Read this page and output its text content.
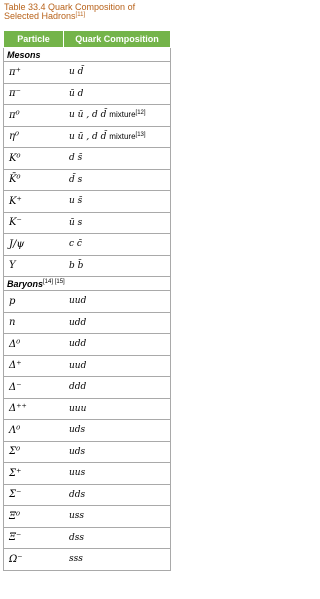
Table 33.4 Quark Composition of Selected Hadrons[11]
Particle	Quark Composition
Mesons	
π⁺	u d̄
π⁻	ū d
π⁰	u ū , d d̄ mixture[12]
η⁰	u ū , d d̄ mixture[13]
K⁰	d s̄
K̄⁰	d̄ s
K⁺	u s̄
K⁻	ū s
J/ψ	c c̄
Υ	b b̄
Baryons[14] [15]
p	uud
n	udd
Δ⁰	udd
Δ⁺	uud
Δ⁻	ddd
Δ⁺⁺	uuu
Λ⁰	uds
Σ⁰	uds
Σ⁺	uus
Σ⁻	dds
Ξ⁰	uss
Ξ⁻	dss
Ω⁻	sss
